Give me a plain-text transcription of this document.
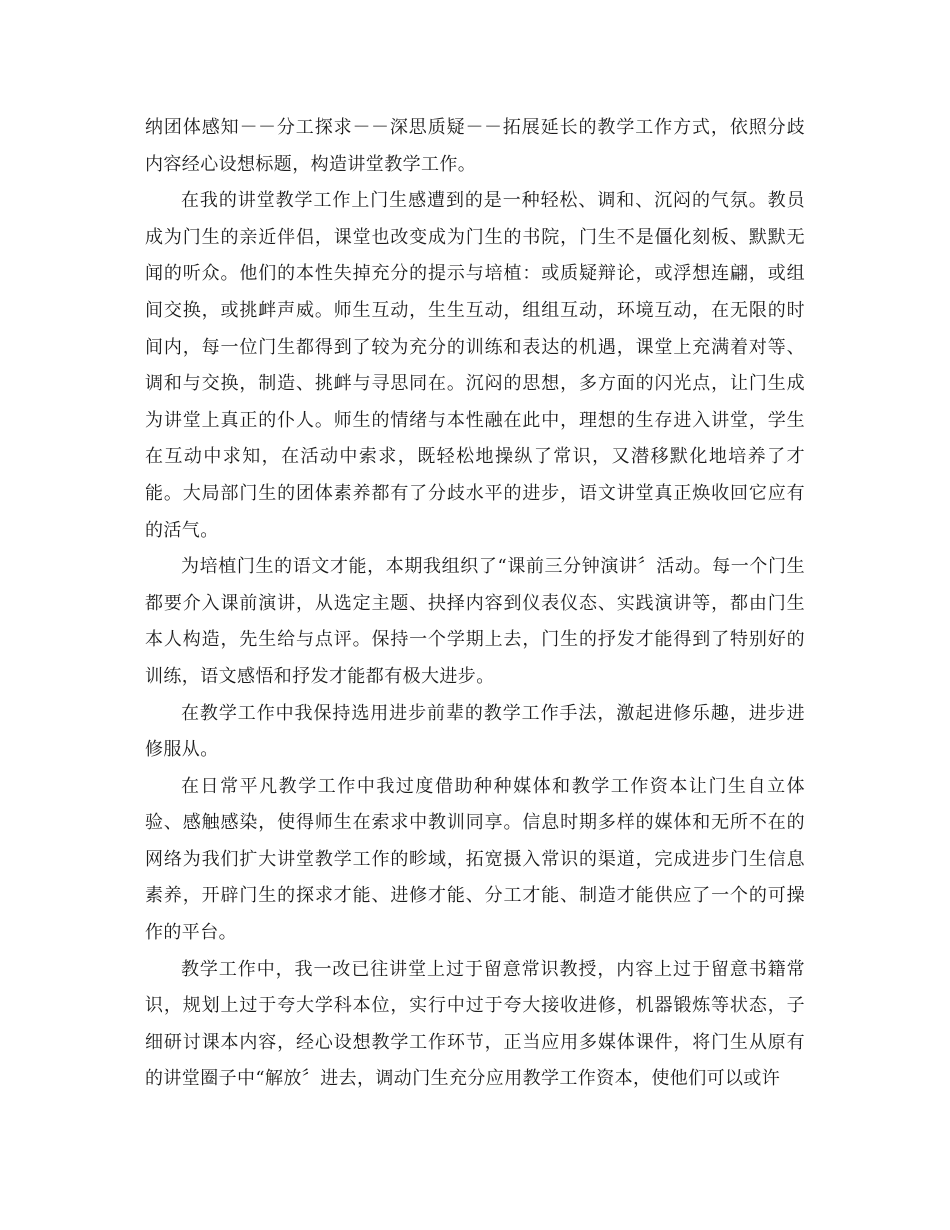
纳团体感知－－分工探求－－深思质疑－－拓展延长的教学工作方式，依照分歧内容经心设想标题，构造讲堂教学工作。

在我的讲堂教学工作上门生感遭到的是一种轻松、调和、沉闷的气氛。教员成为门生的亲近伴侣，课堂也改变成为门生的书院，门生不是僵化刻板、默默无闻的听众。他们的本性失掉充分的提示与培植：或质疑辩论，或浮想连翩，或组间交换，或挑衅声威。师生互动，生生互动，组组互动，环境互动，在无限的时间内，每一位门生都得到了较为充分的训练和表达的机遇，课堂上充满着对等、调和与交换，制造、挑衅与寻思同在。沉闷的思想，多方面的闪光点，让门生成为讲堂上真正的仆人。师生的情绪与本性融在此中，理想的生存进入讲堂，学生在互动中求知，在活动中索求，既轻松地操纵了常识，又潜移默化地培养了才能。大局部门生的团体素养都有了分歧水平的进步，语文讲堂真正焕收回它应有的活气。

为培植门生的语文才能，本期我组织了“课前三分钟演讲〞活动。每一个门生都要介入课前演讲，从选定主题、抉择内容到仪表仪态、实践演讲等，都由门生本人构造，先生给与点评。保持一个学期上去，门生的抒发才能得到了特别好的训练，语文感悟和抒发才能都有极大进步。

在教学工作中我保持选用进步前辈的教学工作手法，激起进修乐趣，进步进修服从。

在日常平凡教学工作中我过度借助种种媒体和教学工作资本让门生自立体验、感触感染，使得师生在索求中教训同享。信息时期多样的媒体和无所不在的网络为我们扩大讲堂教学工作的畛域，拓宽摄入常识的渠道，完成进步门生信息素养，开辟门生的探求才能、进修才能、分工才能、制造才能供应了一个的可操作的平台。

教学工作中，我一改已往讲堂上过于留意常识教授，内容上过于留意书籍常识，规划上过于夸大学科本位，实行中过于夸大接收进修，机器锻炼等状态，子细研讨课本内容，经心设想教学工作环节，正当应用多媒体课件，将门生从原有的讲堂圈子中“解放〞进去，调动门生充分应用教学工作资本，使他们可以或许
